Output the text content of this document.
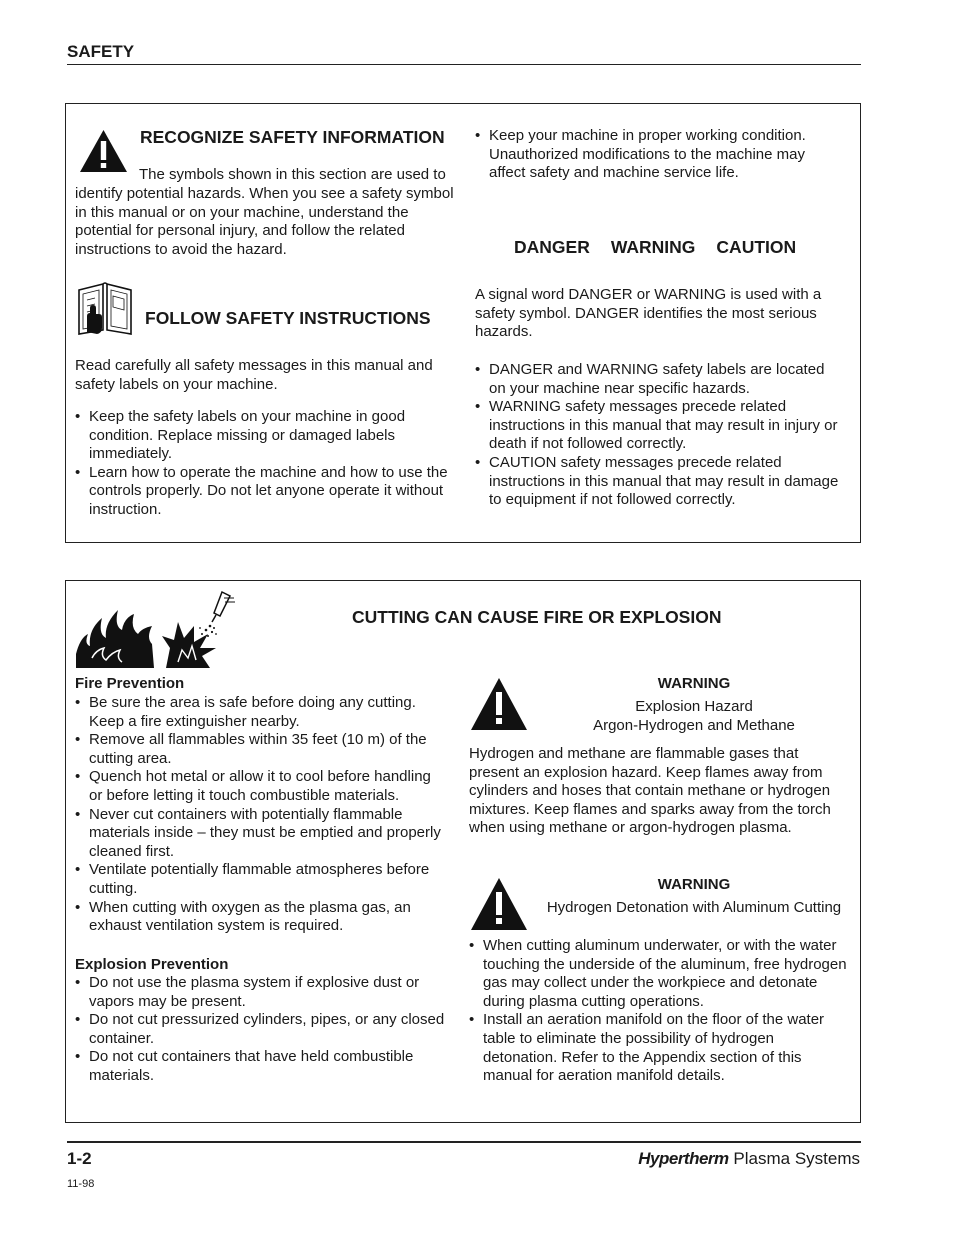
SAFETY
RECOGNIZE SAFETY INFORMATION

The symbols shown in this section are used to

identify potential hazards. When you see a safety symbol in this manual or on your machine, understand the potential for personal injury, and follow the related instructions to avoid the hazard.

FOLLOW SAFETY INSTRUCTIONS

Read carefully all safety messages in this manual and safety labels on your machine.

• Keep the safety labels on your machine in good condition. Replace missing or damaged labels immediately.
• Learn how to operate the machine and how to use the controls properly. Do not let anyone operate it without instruction.
• Keep your machine in proper working condition. Unauthorized modifications to the machine may affect safety and machine service life.
DANGER WARNING CAUTION

A signal word DANGER or WARNING is used with a safety symbol. DANGER identifies the most serious hazards.

• DANGER and WARNING safety labels are located on your machine near specific hazards.
• WARNING safety messages precede related instructions in this manual that may result in injury or death if not followed correctly.
• CAUTION safety messages precede related instructions in this manual that may result in damage to equipment if not followed correctly.
CUTTING CAN CAUSE FIRE OR EXPLOSION
Fire Prevention
• Be sure the area is safe before doing any cutting. Keep a fire extinguisher nearby.
• Remove all flammables within 35 feet (10 m) of the cutting area.
• Quench hot metal or allow it to cool before handling or before letting it touch combustible materials.
• Never cut containers with potentially flammable materials inside – they must be emptied and properly cleaned first.
• Ventilate potentially flammable atmospheres before cutting.
• When cutting with oxygen as the plasma gas, an exhaust ventilation system is required.
Explosion Prevention
• Do not use the plasma system if explosive dust or vapors may be present.
• Do not cut pressurized cylinders, pipes, or any closed container.
• Do not cut containers that have held combustible materials.
WARNING
Explosion Hazard
Argon-Hydrogen and Methane

Hydrogen and methane are flammable gases that present an explosion hazard. Keep flames away from cylinders and hoses that contain methane or hydrogen mixtures. Keep flames and sparks away from the torch when using methane or argon-hydrogen plasma.

WARNING
Hydrogen Detonation with Aluminum Cutting
• When cutting aluminum underwater, or with the water touching the underside of the aluminum, free hydrogen gas may collect under the workpiece and detonate during plasma cutting operations.
• Install an aeration manifold on the floor of the water table to eliminate the possibility of hydrogen detonation. Refer to the Appendix section of this manual for aeration manifold details.
1-2
11-98
Hypertherm Plasma Systems
